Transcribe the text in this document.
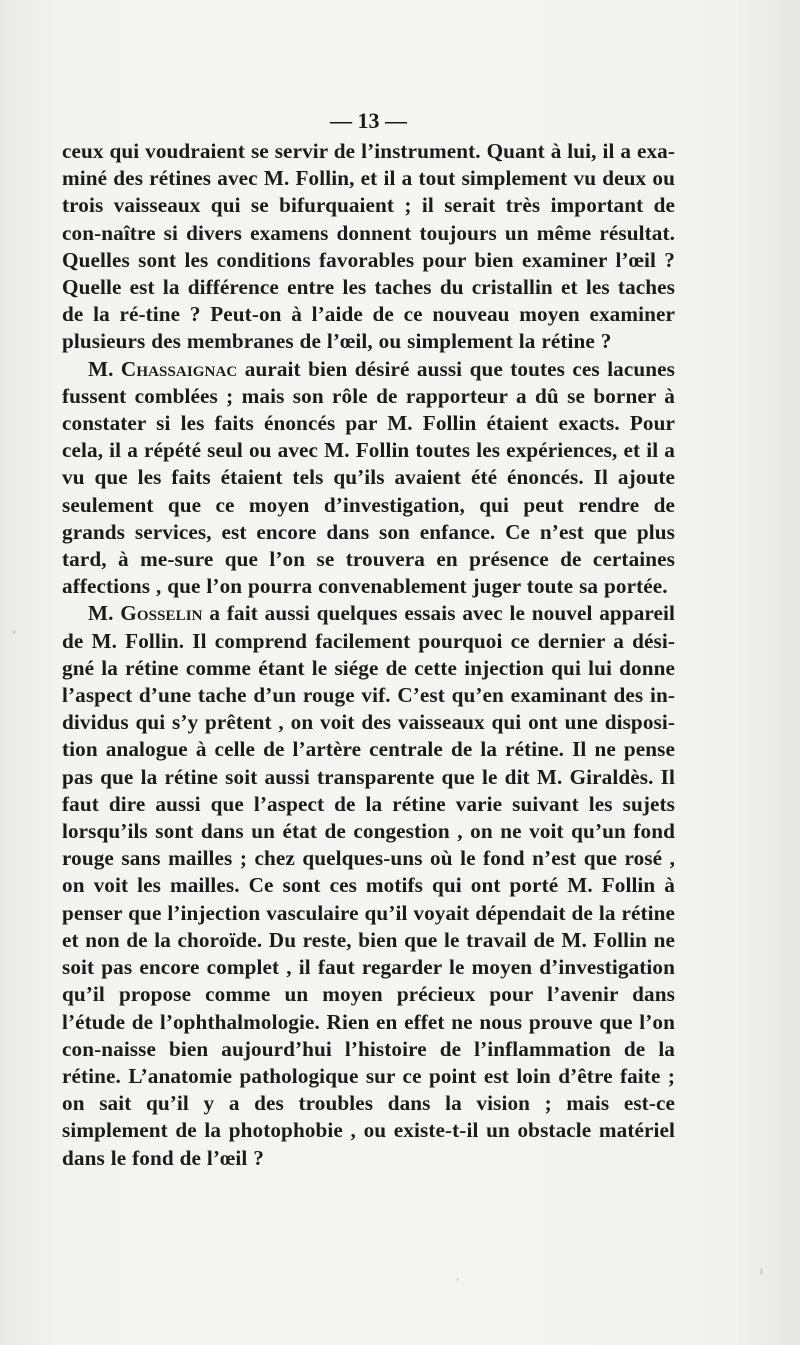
— 13 —

ceux qui voudraient se servir de l’instrument. Quant à lui, il a exa-miné des rétines avec M. Follin, et il a tout simplement vu deux ou trois vaisseaux qui se bifurquaient ; il serait très important de con-naître si divers examens donnent toujours un même résultat. Quelles sont les conditions favorables pour bien examiner l’œil ? Quelle est la différence entre les taches du cristallin et les taches de la ré-tine ? Peut-on à l’aide de ce nouveau moyen examiner plusieurs des membranes de l’œil, ou simplement la rétine ?

M. Chassaignac aurait bien désiré aussi que toutes ces lacunes fussent comblées ; mais son rôle de rapporteur a dû se borner à constater si les faits énoncés par M. Follin étaient exacts. Pour cela, il a répété seul ou avec M. Follin toutes les expériences, et il a vu que les faits étaient tels qu’ils avaient été énoncés. Il ajoute seulement que ce moyen d’investigation, qui peut rendre de grands services, est encore dans son enfance. Ce n’est que plus tard, à me-sure que l’on se trouvera en présence de certaines affections , que l’on pourra convenablement juger toute sa portée.

M. Gosselin a fait aussi quelques essais avec le nouvel appareil de M. Follin. Il comprend facilement pourquoi ce dernier a dési-gné la rétine comme étant le siége de cette injection qui lui donne l’aspect d’une tache d’un rouge vif. C’est qu’en examinant des in-dividus qui s’y prêtent , on voit des vaisseaux qui ont une disposi-tion analogue à celle de l’artère centrale de la rétine. Il ne pense pas que la rétine soit aussi transparente que le dit M. Giraldès. Il faut dire aussi que l’aspect de la rétine varie suivant les sujets lorsqu’ils sont dans un état de congestion , on ne voit qu’un fond rouge sans mailles ; chez quelques-uns où le fond n’est que rosé , on voit les mailles. Ce sont ces motifs qui ont porté M. Follin à penser que l’injection vasculaire qu’il voyait dépendait de la rétine et non de la choroïde. Du reste, bien que le travail de M. Follin ne soit pas encore complet , il faut regarder le moyen d’investigation qu’il propose comme un moyen précieux pour l’avenir dans l’étude de l’ophthalmologie. Rien en effet ne nous prouve que l’on con-naisse bien aujourd’hui l’histoire de l’inflammation de la rétine. L’anatomie pathologique sur ce point est loin d’être faite ; on sait qu’il y a des troubles dans la vision ; mais est-ce simplement de la photophobie , ou existe-t-il un obstacle matériel dans le fond de l’œil ?
